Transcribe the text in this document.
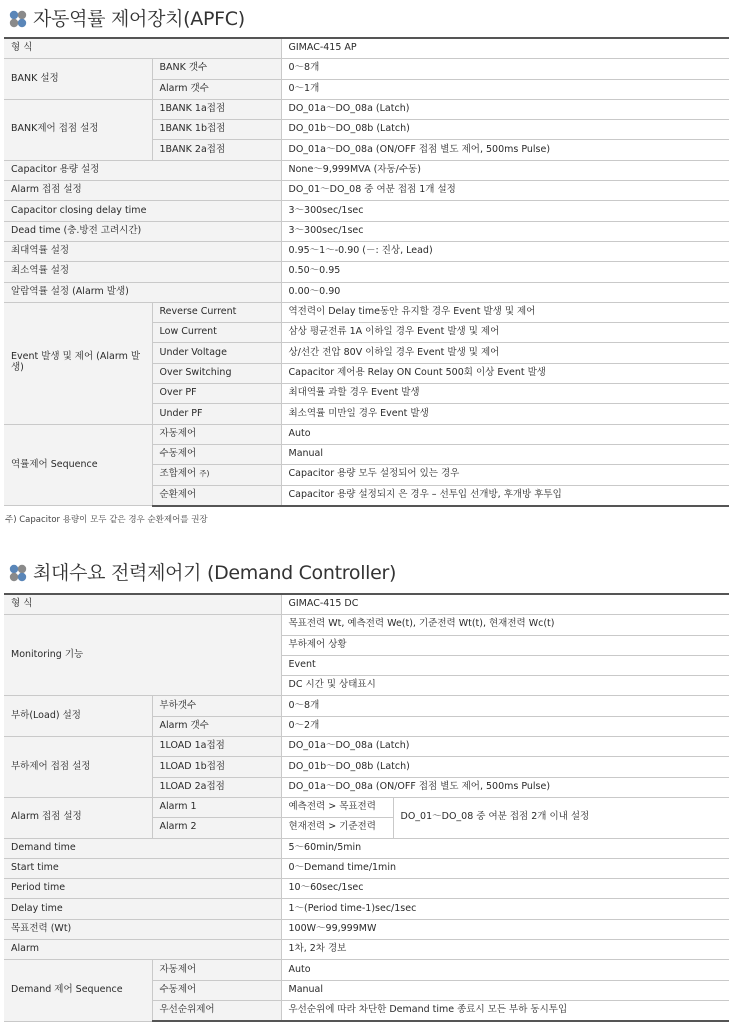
자동역률 제어장치(APFC)
형 식		GIMAC-415 AP
BANK 설정	BANK 갯수	0～8개
	Alarm 갯수	0～1개
BANK제어 접점 설정	1BANK 1a접점	DO_01a～DO_08a (Latch)
	1BANK 1b접점	DO_01b～DO_08b (Latch)
	1BANK 2a접점	DO_01a～DO_08a (ON/OFF 접점 별도 제어, 500ms Pulse)
Capacitor 용량 설정		None～9,999MVA (자동/수동)
Alarm 접점 설정		DO_01～DO_08 중 여분 접점 1개 설정
Capacitor closing delay time		3～300sec/1sec
Dead time (충.방전 고려시간)		3～300sec/1sec
최대역률 설정		0.95～1～-0.90 (－: 진상, Lead)
최소역률 설정		0.50～0.95
알람역률 설정 (Alarm 발생)		0.00～0.90
Event 발생 및 제어 (Alarm 발생)	Reverse Current	역전력이 Delay time동안 유지할 경우 Event 발생 및 제어
	Low Current	삼상 평균전류 1A 이하일 경우 Event 발생 및 제어
	Under Voltage	상/선간 전압 80V 이하일 경우 Event 발생 및 제어
	Over Switching	Capacitor 제어용 Relay ON Count 500회 이상 Event 발생
	Over PF	최대역률 과할 경우 Event 발생
	Under PF	최소역률 미만일 경우 Event 발생
역률제어 Sequence	자동제어	Auto
	수동제어	Manual
	조합제어 주)	Capacitor 용량 모두 설정되어 있는 경우
	순환제어	Capacitor 용량 설정되지 은 경우 – 선투입 선개방, 후개방 후투입
주) Capacitor 용량이 모두 같은 경우 순환제어를 권장
최대수요 전력제어기 (Demand Controller)
형 식		GIMAC-415 DC	
Monitoring 기능		목표전력 Wt, 예측전력 We(t), 기준전력 Wt(t), 현재전력 Wc(t)	
		부하제어 상황	
		Event	
		DC 시간 및 상태표시	
부하(Load) 설정	부하갯수	0～8개	
	Alarm 갯수	0～2개	
부하제어 접점 설정	1LOAD 1a접점	DO_01a～DO_08a (Latch)	
	1LOAD 1b접점	DO_01b～DO_08b (Latch)	
	1LOAD 2a접점	DO_01a～DO_08a (ON/OFF 접점 별도 제어, 500ms Pulse)	
Alarm 접점 설정	Alarm 1	예측전력 > 목표전력	DO_01～DO_08 중 여분 접점 2개 이내 설정
	Alarm 2	현재전력 > 기준전력	
Demand time		5～60min/5min	
Start time		0～Demand time/1min	
Period time		10～60sec/1sec	
Delay time		1～(Period time-1)sec/1sec	
목표전력 (Wt)		100W～99,999MW	
Alarm		1차, 2차 경보	
Demand 제어 Sequence	자동제어	Auto	
	수동제어	Manual	
	우선순위제어	우선순위에 따라 차단한 Demand time 종료시 모든 부하 동시투입	
